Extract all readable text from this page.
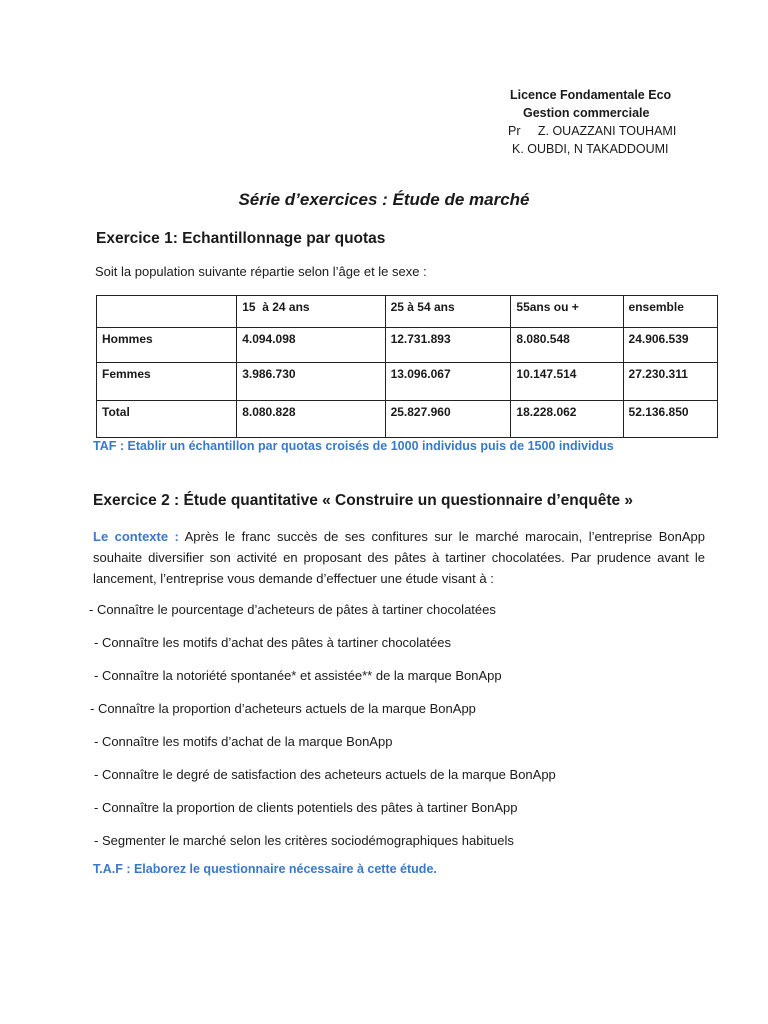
Licence Fondamentale Eco
Gestion commerciale
Pr     Z. OUAZZANI TOUHAMI
K. OUBDI, N TAKADDOUMI
Série d’exercices : Étude de marché
Exercice 1: Echantillonnage par quotas
Soit la population suivante répartie selon l’âge et le sexe :
	15  à 24 ans	25 à 54 ans	55ans ou +	ensemble
Hommes	4.094.098	12.731.893	8.080.548	24.906.539
Femmes	3.986.730	13.096.067	10.147.514	27.230.311
Total	8.080.828	25.827.960	18.228.062	52.136.850
TAF : Etablir un échantillon par quotas croisés de 1000 individus puis de 1500 individus
Exercice 2 : Étude quantitative « Construire un questionnaire d’enquête »
Le contexte : Après le franc succès de ses confitures sur le marché marocain, l’entreprise BonApp souhaite diversifier son activité en proposant des pâtes à tartiner chocolatées. Par prudence avant le lancement, l’entreprise vous demande d’effectuer une étude visant à :
- Connaître le pourcentage d’acheteurs de pâtes à tartiner chocolatées
- Connaître les motifs d’achat des pâtes à tartiner chocolatées
- Connaître la notoriété spontanée* et assistée** de la marque BonApp
- Connaître la proportion d’acheteurs actuels de la marque BonApp
- Connaître les motifs d’achat de la marque BonApp
- Connaître le degré de satisfaction des acheteurs actuels de la marque BonApp
- Connaître la proportion de clients potentiels des pâtes à tartiner BonApp
- Segmenter le marché selon les critères sociodémographiques habituels
T.A.F : Elaborez le questionnaire nécessaire à cette étude.
